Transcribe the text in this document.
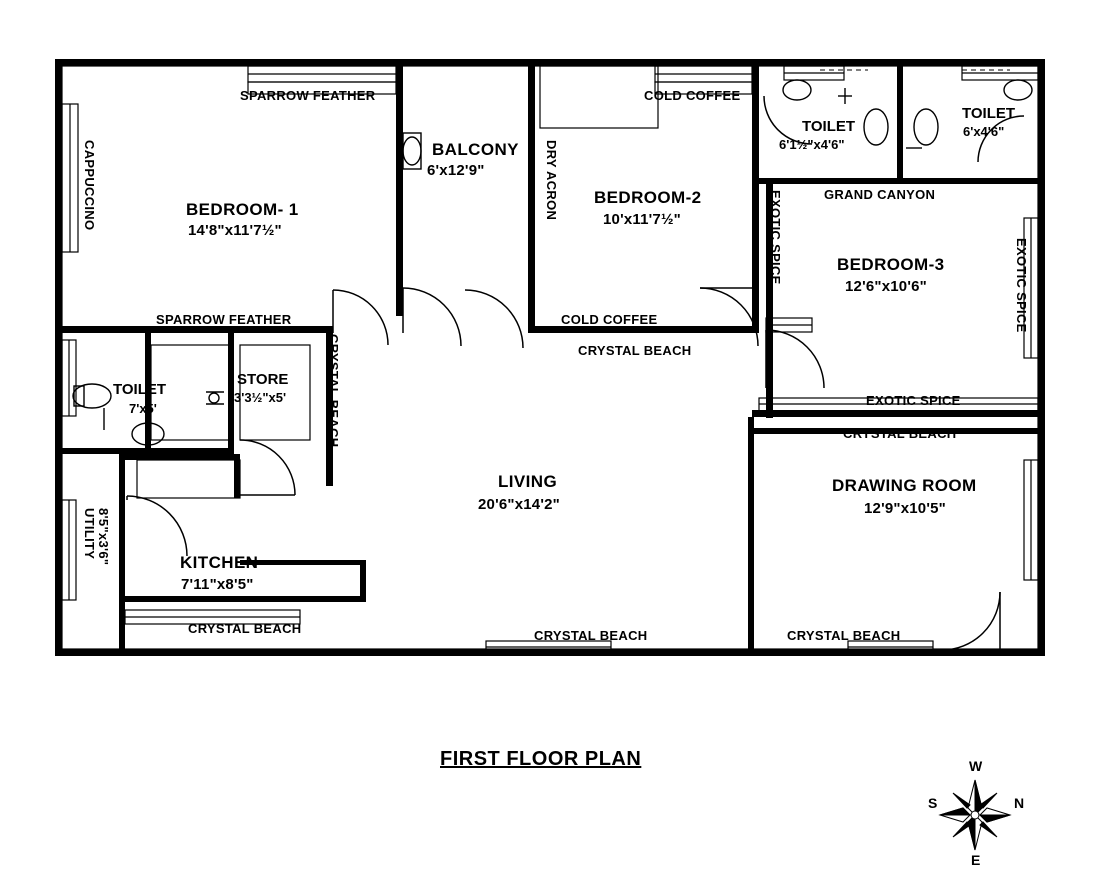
SPARROW FEATHER	COLD COFFEE
BEDROOM- 1
14'8"x11'7½"
BALCONY
6'x12'9"
BEDROOM-2
10'x11'7½"
BEDROOM-3
12'6"x10'6"
TOILET
6'1½"x4'6"
TOILET
6'x4'6"
GRAND CANYON
CAPPUCCINO	DRY ACRON
EXOTIC SPICE
EXOTIC SPICE
CRYSTAL BEACH
SPARROW FEATHER	COLD COFFEE
CRYSTAL BEACH
TOILET
7'x5'
STORE
3'3½"x5'	EXOTIC SPICE
CRYSTAL BEACH
LIVING
20'6"x14'2"
DRAWING ROOM
12'9"x10'5"
UTILITY 8'5"x3'6"	KITCHEN
7'11"x8'5"
CRYSTAL BEACH	CRYSTAL BEACH	CRYSTAL BEACH
FIRST FLOOR PLAN	W
E
S	N
